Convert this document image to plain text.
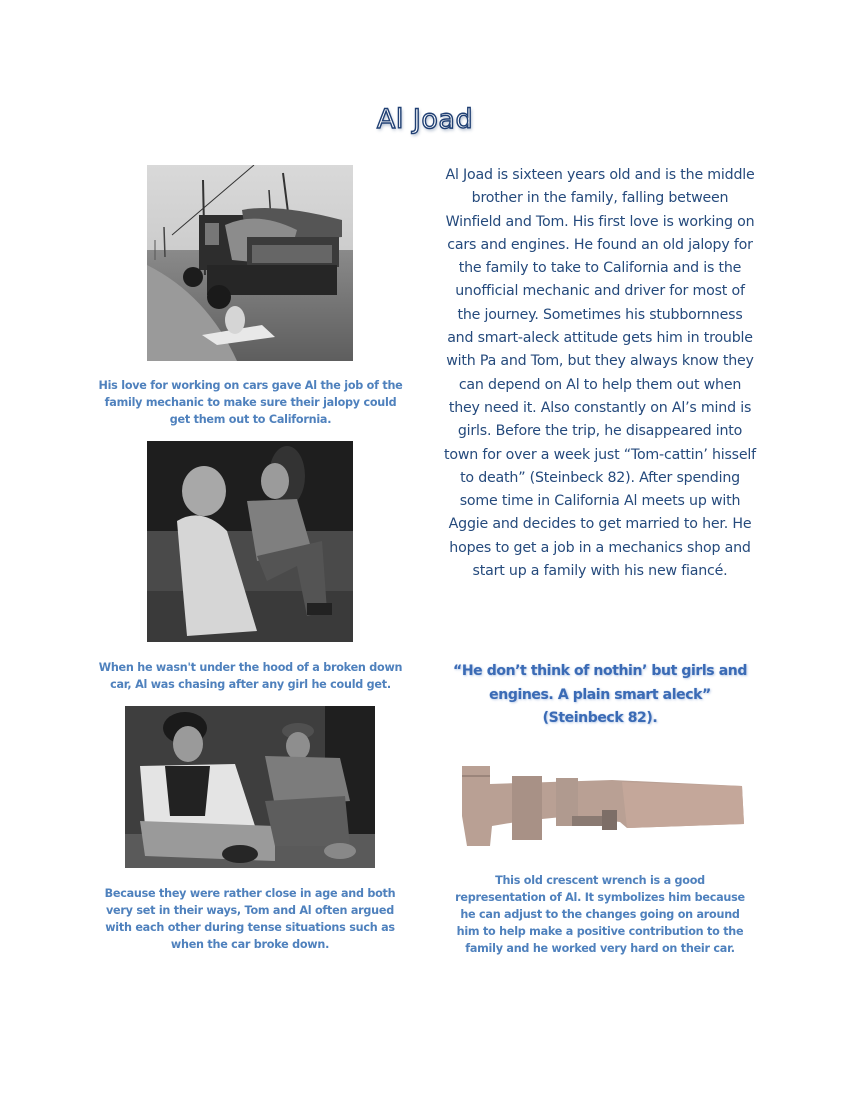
Al Joad
His love for working on cars gave Al the job of the family mechanic to make sure their jalopy could get them out to California.
When he wasn't under the hood of a broken down car, Al was chasing after any girl he could get.
Because they were rather close in age and both very set in their ways, Tom and Al often argued with each other during tense situations such as when the car broke down.

Al Joad is sixteen years old and is the middle brother in the family, falling between Winfield and Tom. His first love is working on cars and engines. He found an old jalopy for the family to take to California and is the unofficial mechanic and driver for most of the journey. Sometimes his stubbornness and smart-aleck attitude gets him in trouble with Pa and Tom, but they always know they can depend on Al to help them out when they need it. Also constantly on Al’s mind is girls. Before the trip, he disappeared into town for over a week just “Tom-cattin’ hisself to death” (Steinbeck 82). After spending some time in California Al meets up with Aggie and decides to get married to her. He hopes to get a job in a mechanics shop and start up a family with his new fiancé.

“He don’t think of nothin’ but girls and engines. A plain smart aleck” (Steinbeck 82).

This old crescent wrench is a good representation of Al. It symbolizes him because he can adjust to the changes going on around him to help make a positive contribution to the family and he worked very hard on their car.
